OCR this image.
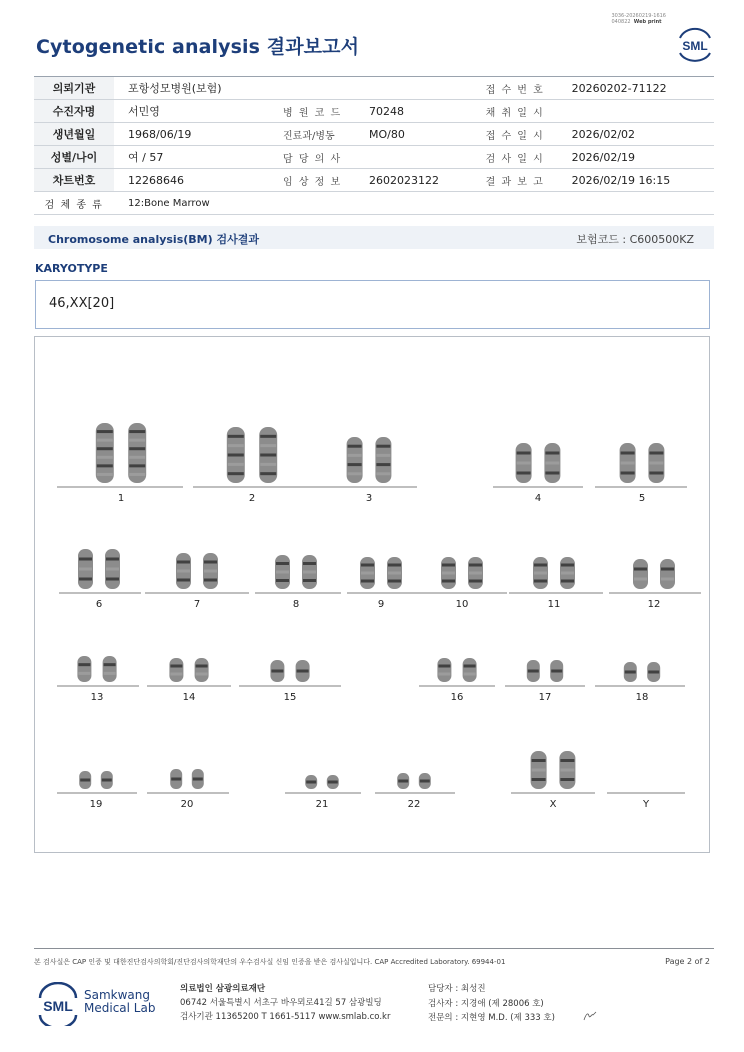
3036-20260219-1616
040822 Web print
Cytogenetic analysis 결과보고서	SML
의뢰기관	포항성모병원(보험)			접 수 번 호	20260202-71122
수진자명	서민영	병 원 코 드	70248	채 취 일 시	
생년월일	1968/06/19	진료과/병동	MO/80	접 수 일 시	2026/02/02
성별/나이	여 / 57	담 당 의 사		검 사 일 시	2026/02/19
차트번호	12268646	임 상 정 보	2602023122	결 과 보 고	2026/02/19 16:15
검 체 종 류	12:Bone Marrow				
Chromosome analysis(BM) 검사결과	보험코드 : C600500KZ
KARYOTYPE
46,XX[20]
1	2	3	4	5
6	7	8	9	10	11	12
13	14	15	16	17	18
19	20	21	22	X	Y
본 검사실은 CAP 인증 및 대한진단검사의학회/진단검사의학재단의 우수검사실 신임 인증을 받은 검사실입니다. CAP Accredited Laboratory. 69944-01	Page 2 of 2
SML
Samkwang
Medical Lab
의료법인 삼광의료재단
06742 서울특별시 서초구 바우뫼로41길 57 삼광빌딩
검사기관 11365200 T 1661-5117 www.smlab.co.kr
담당자 : 최성진
검사자 : 지경애 (제 28006 호)
전문의 : 지현영 M.D. (제 333 호)
